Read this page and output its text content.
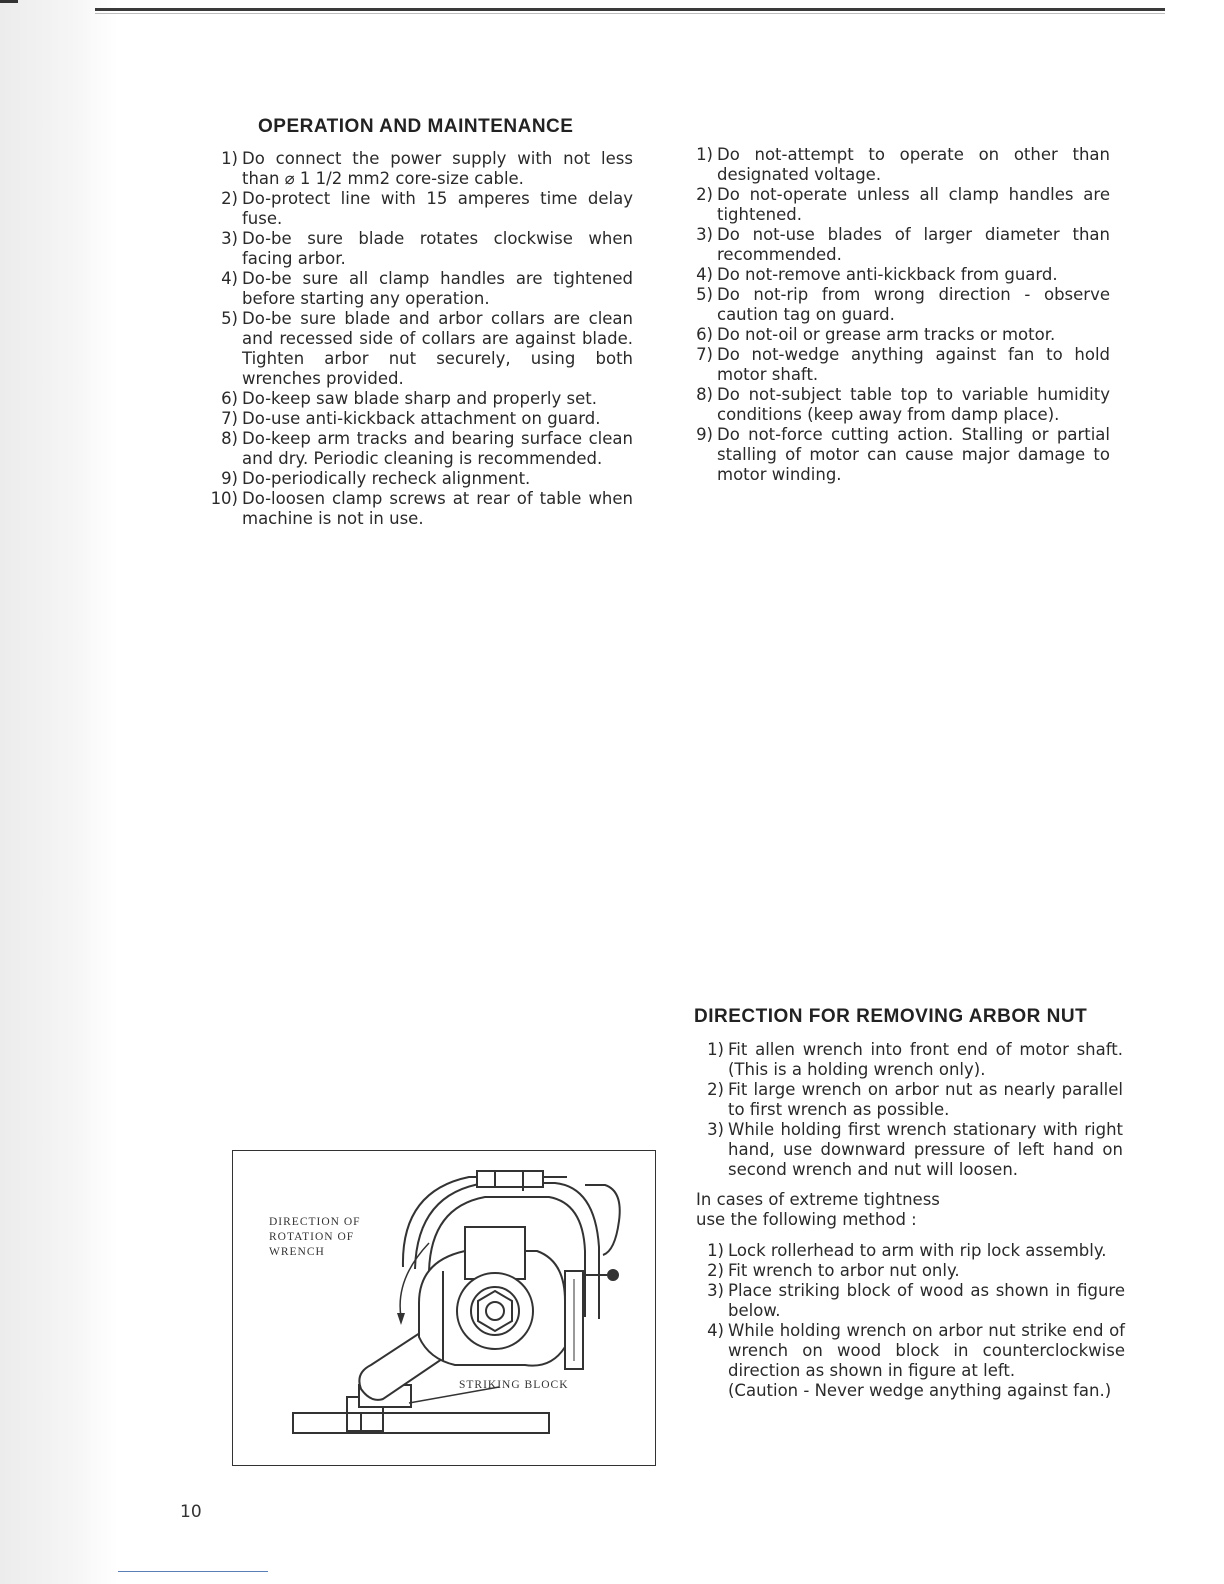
OPERATION AND MAINTENANCE
1) Do connect the power supply with not less than ⌀ 1 1/2 mm2 core-size cable.
2) Do-protect line with 15 amperes time delay fuse.
3) Do-be sure blade rotates clockwise when facing arbor.
4) Do-be sure all clamp handles are tightened before starting any operation.
5) Do-be sure blade and arbor collars are clean and recessed side of collars are against blade. Tighten arbor nut securely, using both wrenches provided.
6) Do-keep saw blade sharp and properly set.
7) Do-use anti-kickback attachment on guard.
8) Do-keep arm tracks and bearing surface clean and dry. Periodic cleaning is recommended.
9) Do-periodically recheck alignment.
10) Do-loosen clamp screws at rear of table when machine is not in use.
1) Do not-attempt to operate on other than designated voltage.
2) Do not-operate unless all clamp handles are tightened.
3) Do not-use blades of larger diameter than recommended.
4) Do not-remove anti-kickback from guard.
5) Do not-rip from wrong direction - observe caution tag on guard.
6) Do not-oil or grease arm tracks or motor.
7) Do not-wedge anything against fan to hold motor shaft.
8) Do not-subject table top to variable humidity conditions (keep away from damp place).
9) Do not-force cutting action. Stalling or partial stalling of motor can cause major damage to motor winding.
DIRECTION FOR REMOVING ARBOR NUT
1) Fit allen wrench into front end of motor shaft. (This is a holding wrench only).
2) Fit large wrench on arbor nut as nearly parallel to first wrench as possible.
3) While holding first wrench stationary with right hand, use downward pressure of left hand on second wrench and nut will loosen.

In cases of extreme tightness
use the following method :

1) Lock rollerhead to arm with rip lock assembly.
2) Fit wrench to arbor nut only.
3) Place striking block of wood as shown in figure below.
4) While holding wrench on arbor nut strike end of wrench on wood block in counterclockwise direction as shown in figure at left.
(Caution - Never wedge anything against fan.)
DIRECTION OF
ROTATION OF
WRENCH
STRIKING BLOCK
10
